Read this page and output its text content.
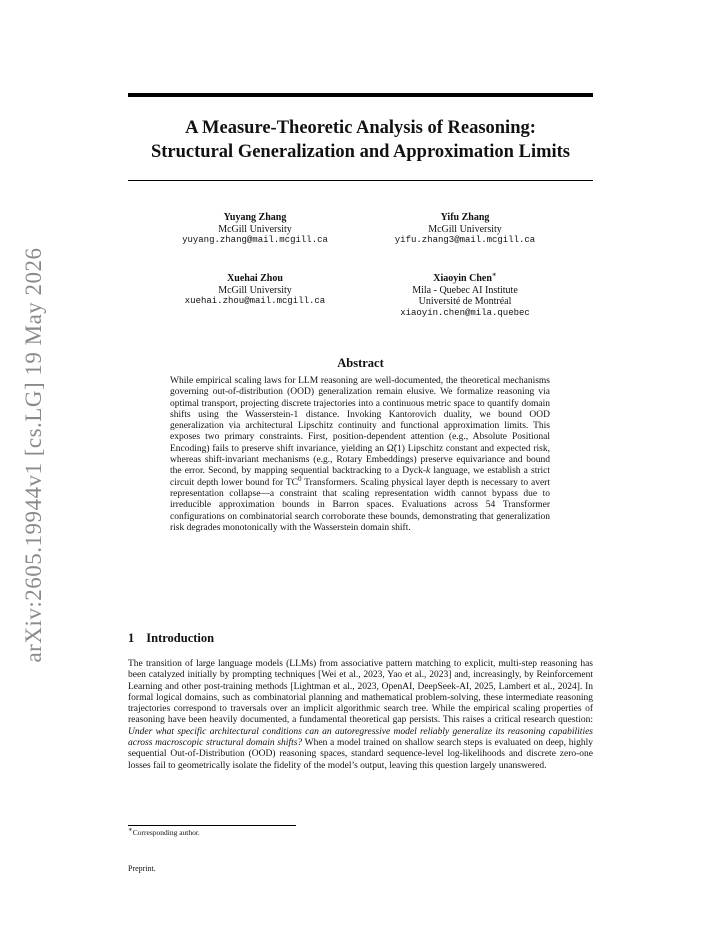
arXiv:2605.19944v1 [cs.LG] 19 May 2026
A Measure-Theoretic Analysis of Reasoning:
Structural Generalization and Approximation Limits
Yuyang Zhang
McGill University
yuyang.zhang@mail.mcgill.ca
Yifu Zhang
McGill University
yifu.zhang3@mail.mcgill.ca
Xuehai Zhou
McGill University
xuehai.zhou@mail.mcgill.ca
Xiaoyin Chen∗
Mila - Quebec AI Institute
Université de Montréal
xiaoyin.chen@mila.quebec
Abstract

While empirical scaling laws for LLM reasoning are well-documented, the theoretical mechanisms governing out-of-distribution (OOD) generalization remain elusive. We formalize reasoning via optimal transport, projecting discrete trajectories into a continuous metric space to quantify domain shifts using the Wasserstein-1 distance. Invoking Kantorovich duality, we bound OOD generalization via architectural Lipschitz continuity and functional approximation limits. This exposes two primary constraints. First, position-dependent attention (e.g., Absolute Positional Encoding) fails to preserve shift invariance, yielding an Ω̃(1) Lipschitz constant and expected risk, whereas shift-invariant mechanisms (e.g., Rotary Embeddings) preserve equivariance and bound the error. Second, by mapping sequential backtracking to a Dyck-k language, we establish a strict circuit depth lower bound for $TC^0$ Transformers. Scaling physical layer depth is necessary to avert representation collapse—a constraint that scaling representation width cannot bypass due to irreducible approximation bounds in Barron spaces. Evaluations across 54 Transformer configurations on combinatorial search corroborate these bounds, demonstrating that generalization risk degrades monotonically with the Wasserstein domain shift.

1 Introduction

The transition of large language models (LLMs) from associative pattern matching to explicit, multi-step reasoning has been catalyzed initially by prompting techniques [Wei et al., 2023, Yao et al., 2023] and, increasingly, by Reinforcement Learning and other post-training methods [Lightman et al., 2023, OpenAI, DeepSeek-AI, 2025, Lambert et al., 2024]. In formal logical domains, such as combinatorial planning and mathematical problem-solving, these intermediate reasoning trajectories correspond to traversals over an implicit algorithmic search tree. While the empirical scaling properties of reasoning have been heavily documented, a fundamental theoretical gap persists. This raises a critical research question: Under what specific architectural conditions can an autoregressive model reliably generalize its reasoning capabilities across macroscopic structural domain shifts? When a model trained on shallow search steps is evaluated on deep, highly sequential Out-of-Distribution (OOD) reasoning spaces, standard sequence-level log-likelihoods and discrete zero-one losses fail to geometrically isolate the fidelity of the model’s output, leaving this question largely unanswered.

∗Corresponding author.

Preprint.
